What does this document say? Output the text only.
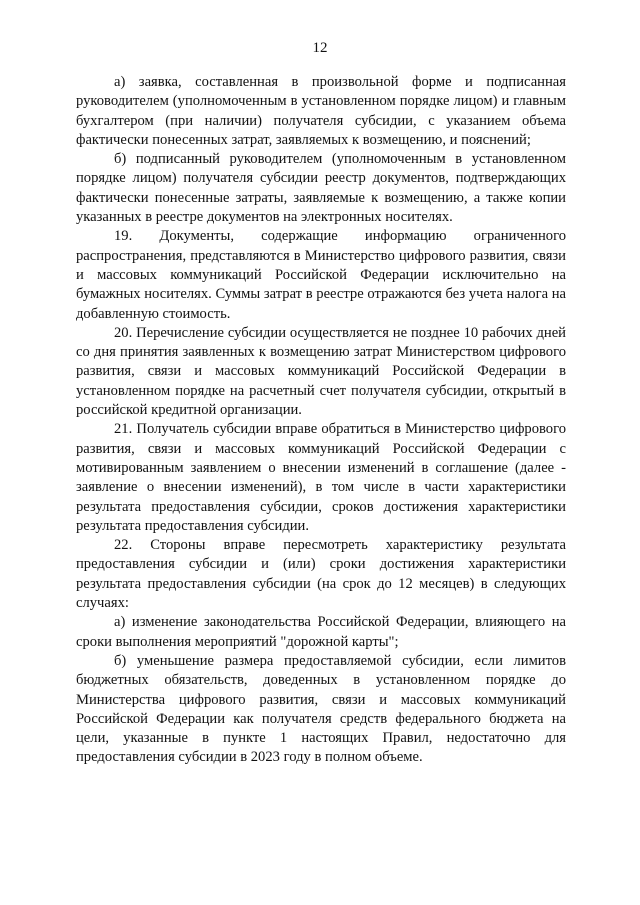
12

а) заявка, составленная в произвольной форме и подписанная руководителем (уполномоченным в установленном порядке лицом) и главным бухгалтером (при наличии) получателя субсидии, с указанием объема фактически понесенных затрат, заявляемых к возмещению, и пояснений;

б) подписанный руководителем (уполномоченным в установленном порядке лицом) получателя субсидии реестр документов, подтверждающих фактически понесенные затраты, заявляемые к возмещению, а также копии указанных в реестре документов на электронных носителях.

19. Документы, содержащие информацию ограниченного распространения, представляются в Министерство цифрового развития, связи и массовых коммуникаций Российской Федерации исключительно на бумажных носителях. Суммы затрат в реестре отражаются без учета налога на добавленную стоимость.

20. Перечисление субсидии осуществляется не позднее 10 рабочих дней со дня принятия заявленных к возмещению затрат Министерством цифрового развития, связи и массовых коммуникаций Российской Федерации в установленном порядке на расчетный счет получателя субсидии, открытый в российской кредитной организации.

21. Получатель субсидии вправе обратиться в Министерство цифрового развития, связи и массовых коммуникаций Российской Федерации с мотивированным заявлением о внесении изменений в соглашение (далее - заявление о внесении изменений), в том числе в части характеристики результата предоставления субсидии, сроков достижения характеристики результата предоставления субсидии.

22. Стороны вправе пересмотреть характеристику результата предоставления субсидии и (или) сроки достижения характеристики результата предоставления субсидии (на срок до 12 месяцев) в следующих случаях:

а) изменение законодательства Российской Федерации, влияющего на сроки выполнения мероприятий "дорожной карты";

б) уменьшение размера предоставляемой субсидии, если лимитов бюджетных обязательств, доведенных в установленном порядке до Министерства цифрового развития, связи и массовых коммуникаций Российской Федерации как получателя средств федерального бюджета на цели, указанные в пункте 1 настоящих Правил, недостаточно для предоставления субсидии в 2023 году в полном объеме.
